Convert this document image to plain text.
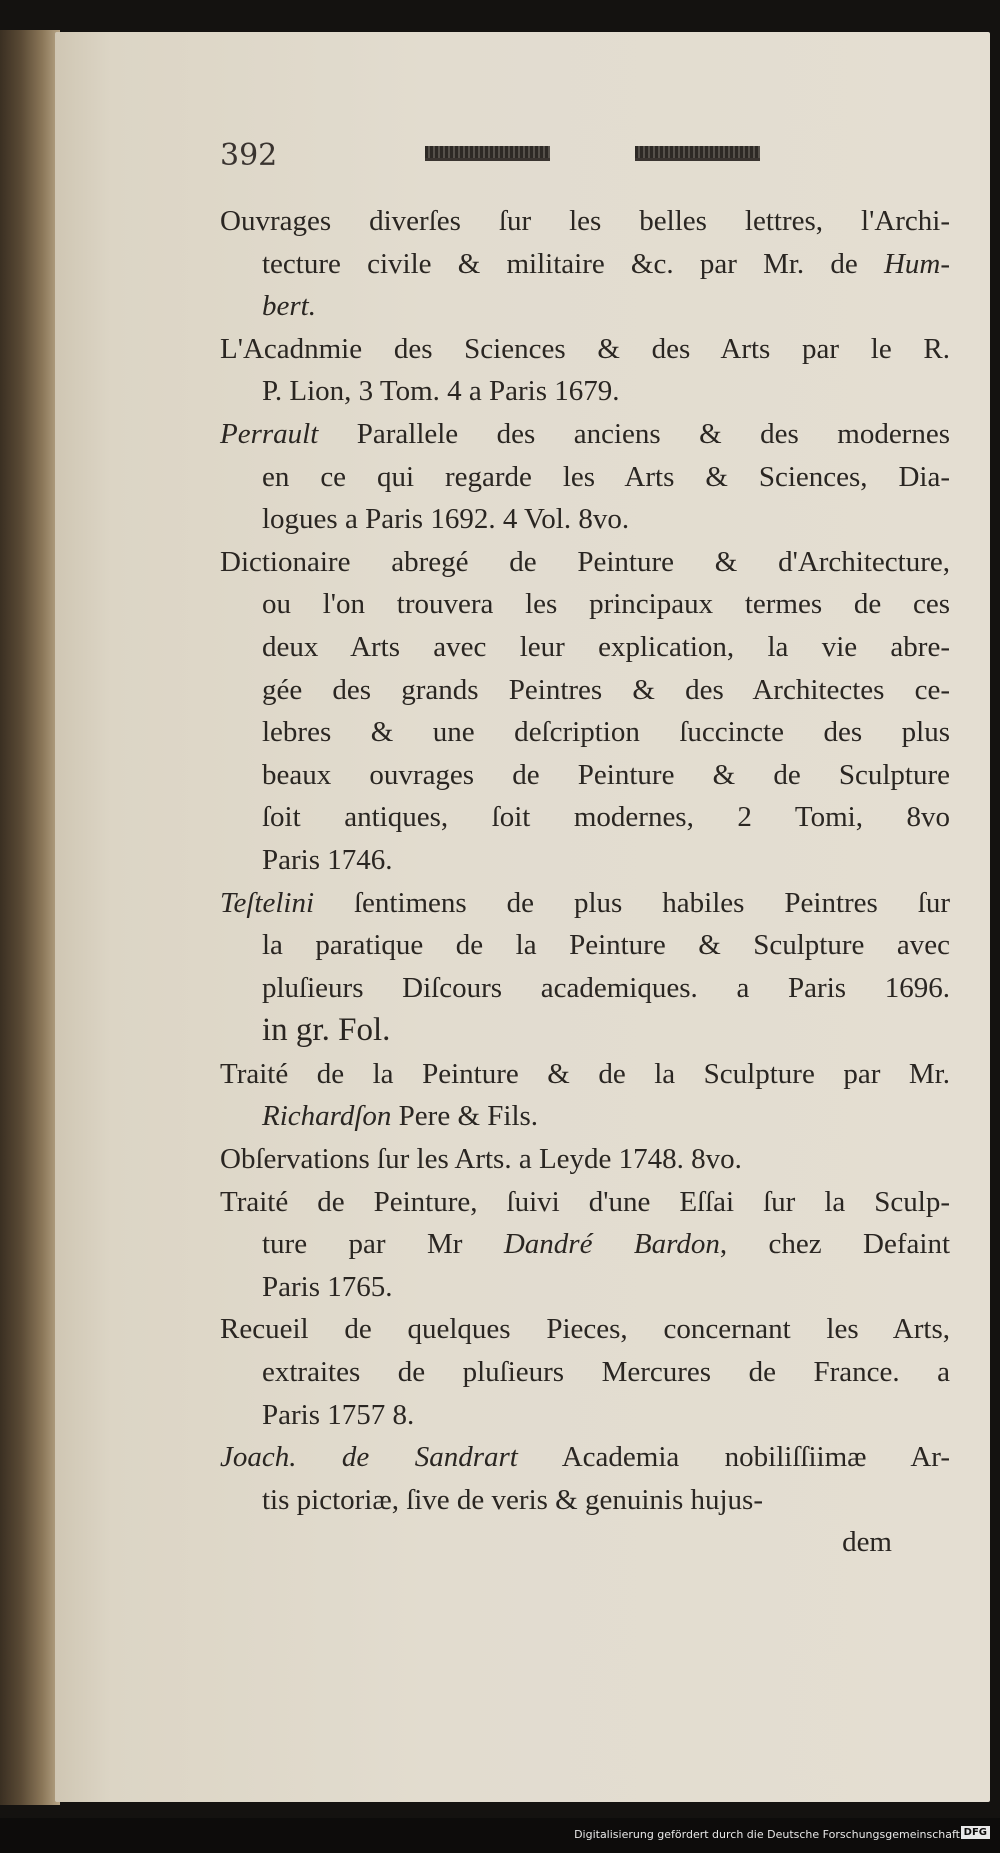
392
Ouvrages diverſes ſur les belles lettres, l'Archi-
tecture civile & militaire &c. par Mr. de Hum-
bert.
L'Acadnmie des Sciences & des Arts par le R.
P. Lion, 3 Tom. 4 a Paris 1679.
Perrault Parallele des anciens & des modernes
en ce qui regarde les Arts & Sciences, Dia-
logues a Paris 1692. 4 Vol. 8vo.
Dictionaire abregé de Peinture & d'Architecture,
ou l'on trouvera les principaux termes de ces
deux Arts avec leur explication, la vie abre-
gée des grands Peintres & des Architectes ce-
lebres & une deſcription ſuccincte des plus
beaux ouvrages de Peinture & de Sculpture
ſoit antiques, ſoit modernes, 2 Tomi, 8vo
Paris 1746.
Teſtelini ſentimens de plus habiles Peintres ſur
la paratique de la Peinture & Sculpture avec
pluſieurs Diſcours academiques. a Paris 1696.
in gr. Fol.
Traité de la Peinture & de la Sculpture par Mr.
Richardſon Pere & Fils.
Obſervations ſur les Arts. a Leyde 1748. 8vo.
Traité de Peinture, ſuivi d'une Eſſai ſur la Sculp-
ture par Mr Dandré Bardon, chez Defaint
Paris 1765.
Recueil de quelques Pieces, concernant les Arts,
extraites de pluſieurs Mercures de France. a
Paris 1757 8.
Joach. de Sandrart Academia nobiliſſiimæ Ar-
tis pictoriæ, ſive de veris & genuinis hujus-
dem
Digitalisierung gefördert durch die Deutsche Forschungsgemeinschaft DFG
